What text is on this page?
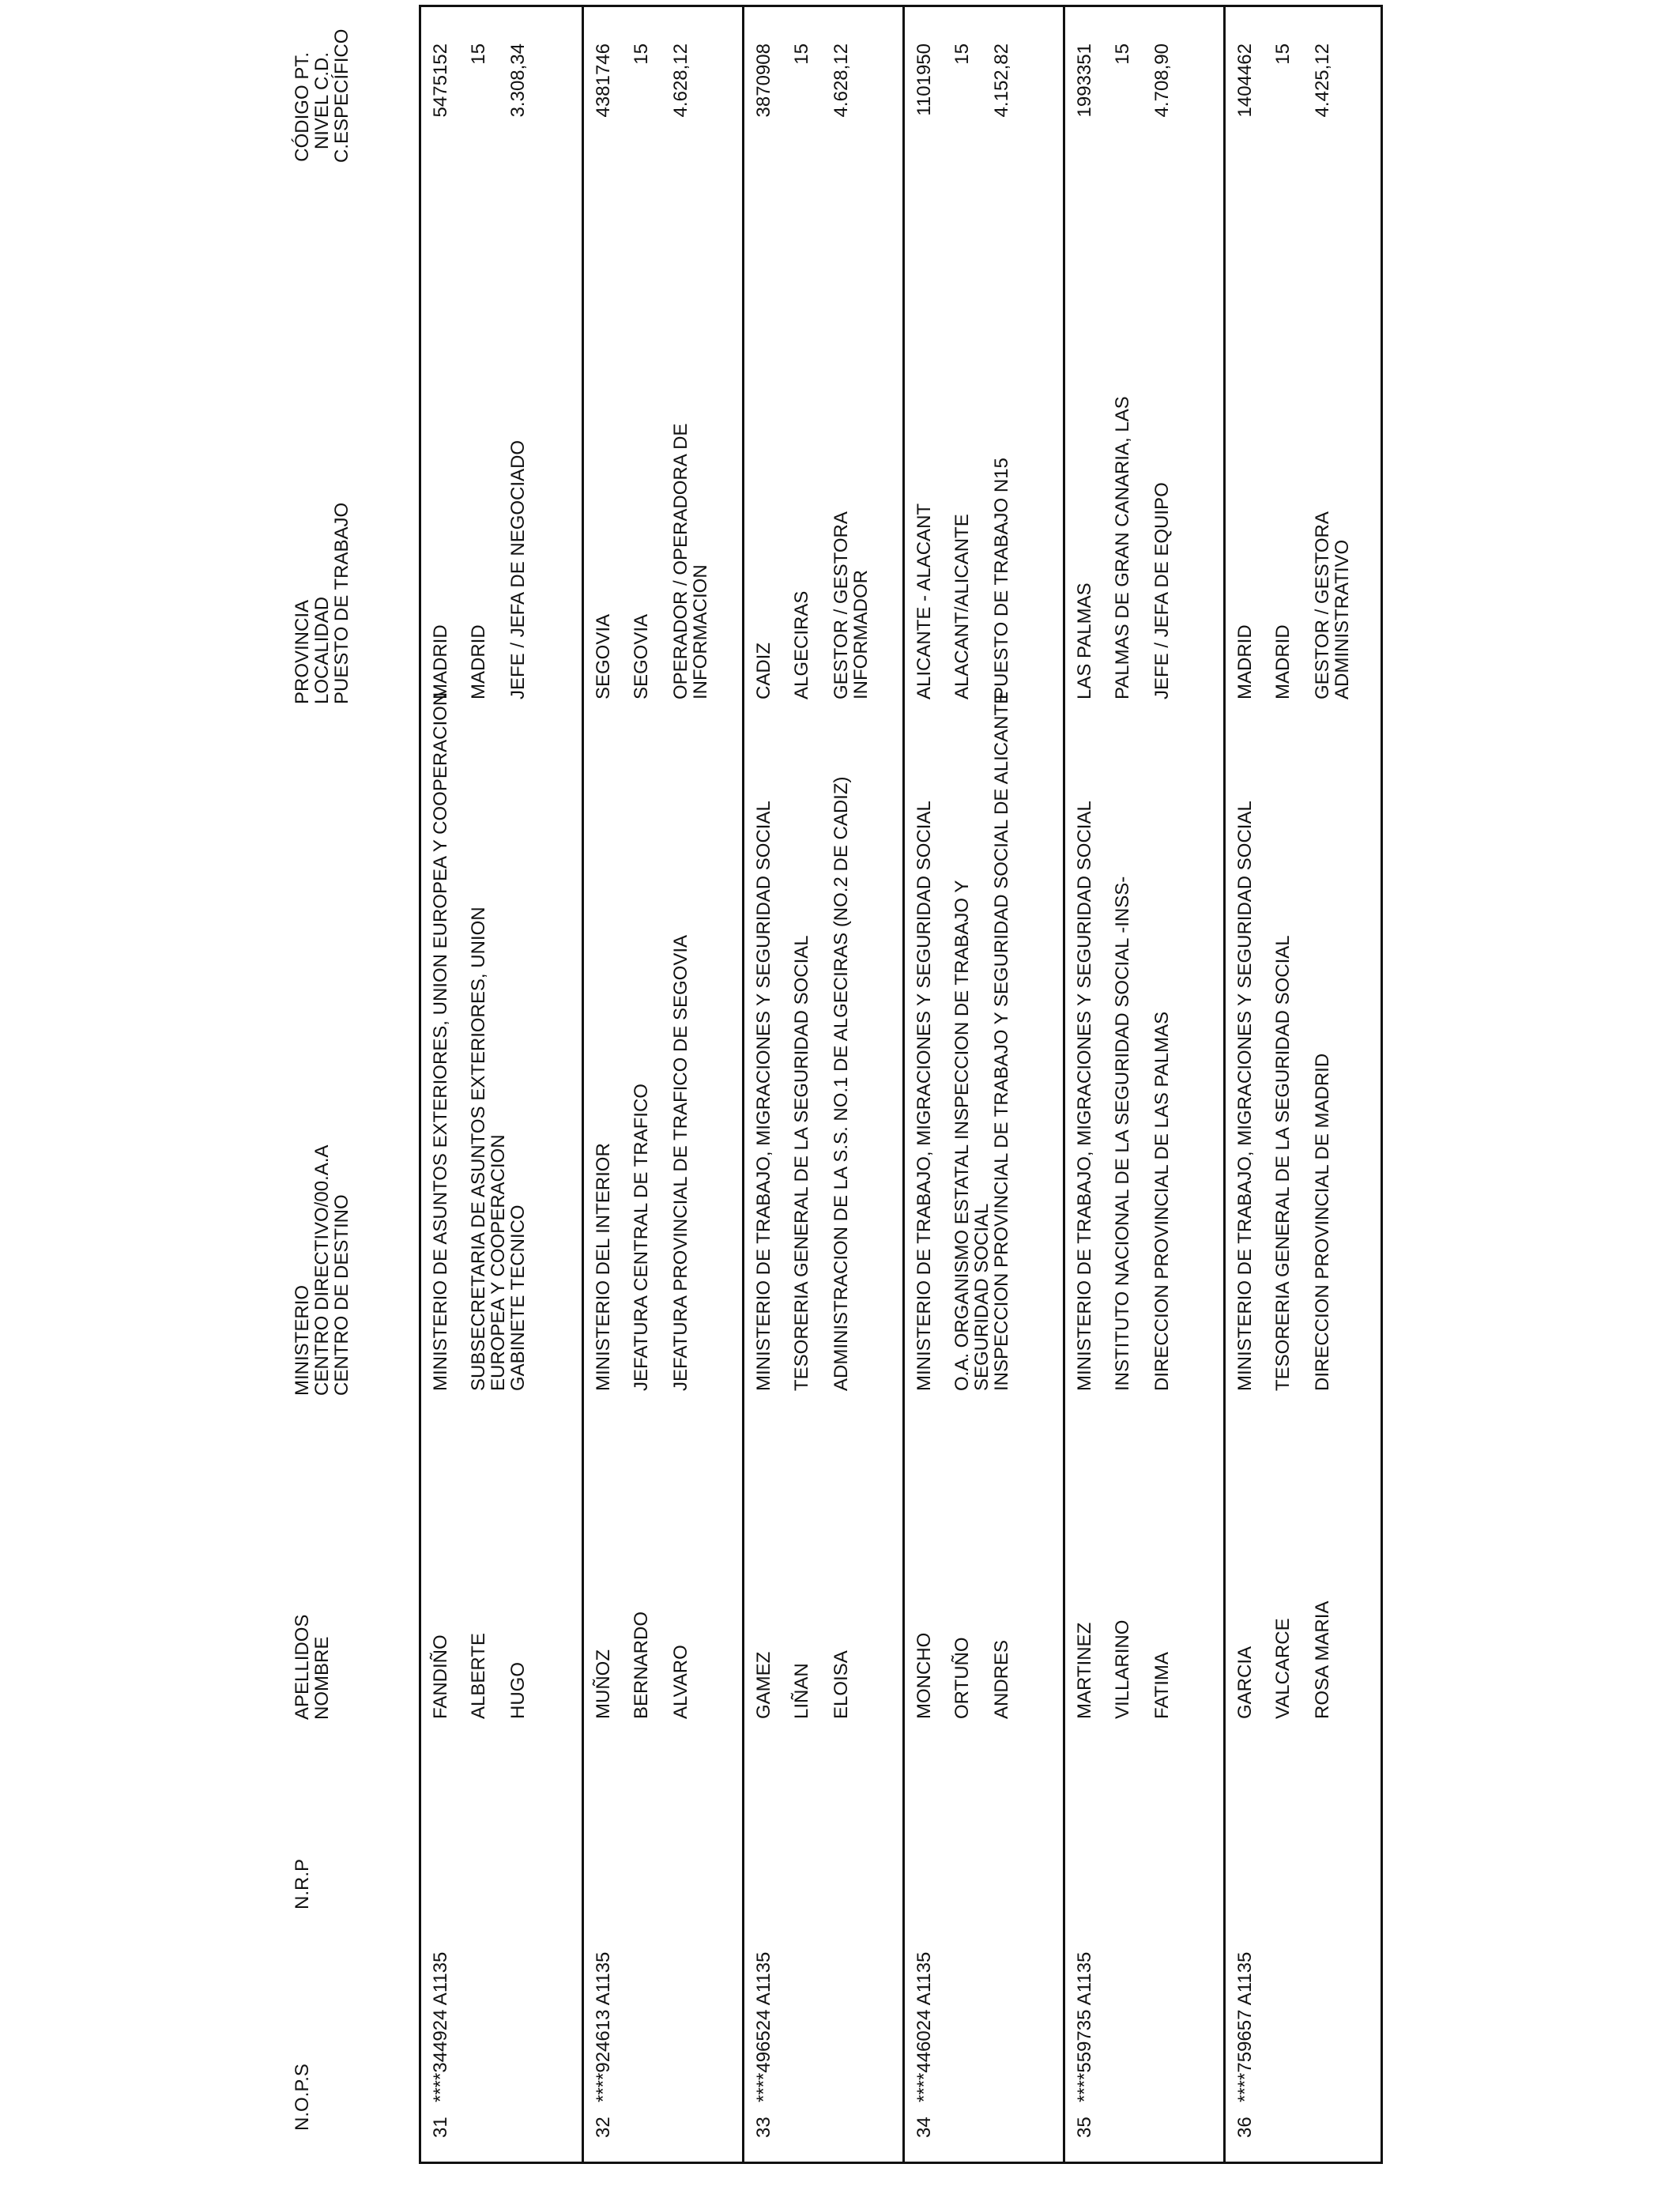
N.O.P.S
N.R.P
APELLIDOS
NOMBRE
MINISTERIO
CENTRO DIRECTIVO/00.A.A
CENTRO DE DESTINO
PROVINCIA
LOCALIDAD
PUESTO DE TRABAJO
CÓDIGO PT.
NIVEL C.D.
C.ESPECÍFICO
31
****344924 A1135
FANDIÑO ALBERTE HUGO
MINISTERIO DE ASUNTOS EXTERIORES, UNION EUROPEA Y COOPERACION SUBSECRETARIA DE ASUNTOS EXTERIORES, UNION EUROPEA Y COOPERACION
GABINETE TECNICO
MADRID MADRID JEFE / JEFA DE NEGOCIADO
5475152 15 3.308,34
32
****924613 A1135
MUÑOZ BERNARDO ALVARO
MINISTERIO DEL INTERIOR JEFATURA CENTRAL DE TRAFICO JEFATURA PROVINCIAL DE TRAFICO DE SEGOVIA
SEGOVIA SEGOVIA OPERADOR / OPERADORA DE INFORMACION
4381746 15 4.628,12
33
****496524 A1135
GAMEZ LIÑAN ELOISA
MINISTERIO DE TRABAJO, MIGRACIONES Y SEGURIDAD SOCIAL TESORERIA GENERAL DE LA SEGURIDAD SOCIAL ADMINISTRACION DE LA S.S. NO.1 DE ALGECIRAS (NO.2 DE CADIZ)
CADIZ ALGECIRAS GESTOR / GESTORA INFORMADOR
3870908 15 4.628,12
34
****446024 A1135
MONCHO ORTUÑO ANDRES
MINISTERIO DE TRABAJO, MIGRACIONES Y SEGURIDAD SOCIAL O.A. ORGANISMO ESTATAL INSPECCION DE TRABAJO Y SEGURIDAD SOCIAL
INSPECCION PROVINCIAL DE TRABAJO Y SEGURIDAD SOCIAL DE ALICANTE
ALICANTE - ALACANT ALACANT/ALICANTE PUESTO DE TRABAJO N15
1101950 15 4.152,82
35
****559735 A1135
MARTINEZ VILLARINO FATIMA
MINISTERIO DE TRABAJO, MIGRACIONES Y SEGURIDAD SOCIAL INSTITUTO NACIONAL DE LA SEGURIDAD SOCIAL -INSS- DIRECCION PROVINCIAL DE LAS PALMAS
LAS PALMAS PALMAS DE GRAN CANARIA, LAS JEFE / JEFA DE EQUIPO
1993351 15 4.708,90
36
****759657 A1135
GARCIA VALCARCE ROSA MARIA
MINISTERIO DE TRABAJO, MIGRACIONES Y SEGURIDAD SOCIAL TESORERIA GENERAL DE LA SEGURIDAD SOCIAL DIRECCION PROVINCIAL DE MADRID
MADRID MADRID GESTOR / GESTORA ADMINISTRATIVO
1404462 15 4.425,12
